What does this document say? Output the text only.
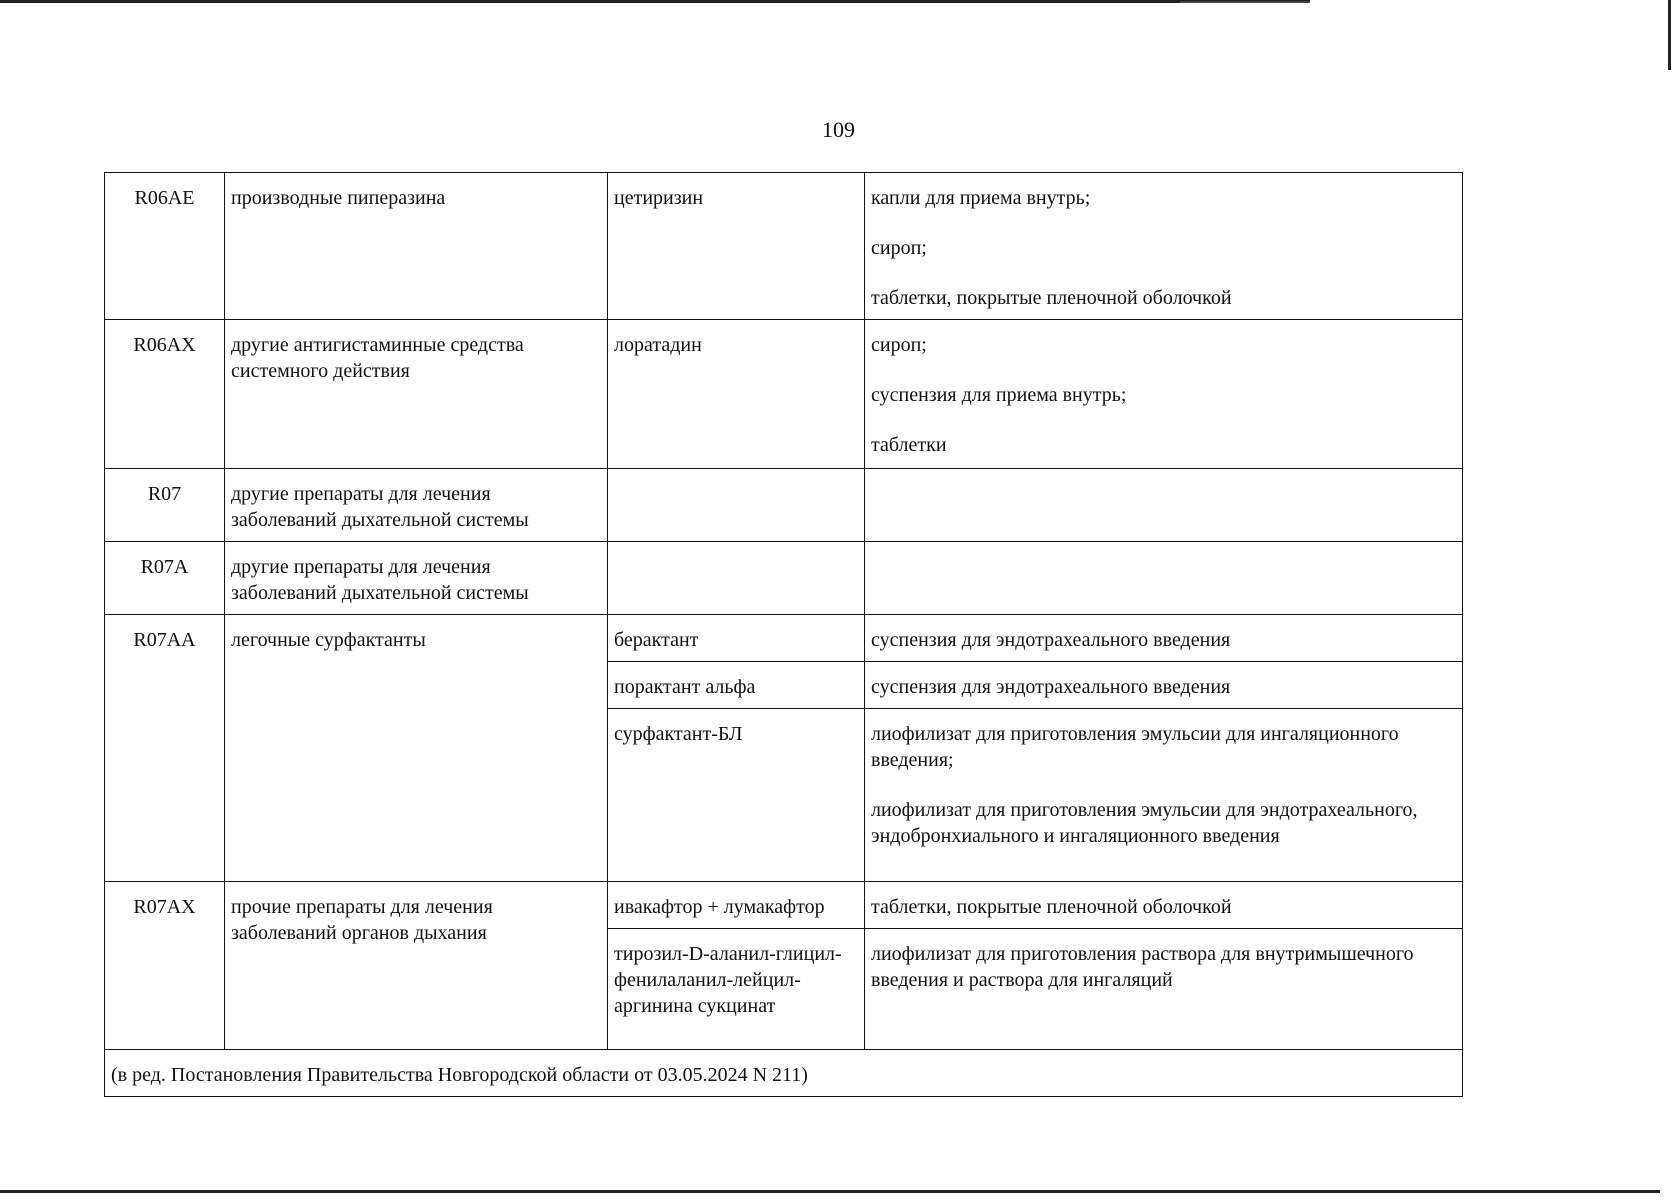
109
R06AE	производные пиперазина	цетиризин	капли для приема внутрь;
сироп;
таблетки, покрытые пленочной оболочкой

R06AX	другие антигистаминные средства системного действия	лоратадин	сироп;
суспензия для приема внутрь;
таблетки

R07	другие препараты для лечения заболеваний дыхательной системы		
R07A	другие препараты для лечения заболеваний дыхательной системы		
R07AA	легочные сурфактанты	берактант	суспензия для эндотрахеального введения
		порактант альфа	суспензия для эндотрахеального введения
		сурфактант-БЛ	лиофилизат для приготовления эмульсии для ингаляционного введения;
лиофилизат для приготовления эмульсии для эндотрахеального, эндобронхиального и ингаляционного введения

R07AX	прочие препараты для лечения заболеваний органов дыхания	ивакафтор + лумакафтор	таблетки, покрытые пленочной оболочкой
		тирозил-D-аланил-глицил-фенилаланил-лейцил-аргинина сукцинат	лиофилизат для приготовления раствора для внутримышечного введения и раствора для ингаляций
(в ред. Постановления Правительства Новгородской области от 03.05.2024 N 211)			
